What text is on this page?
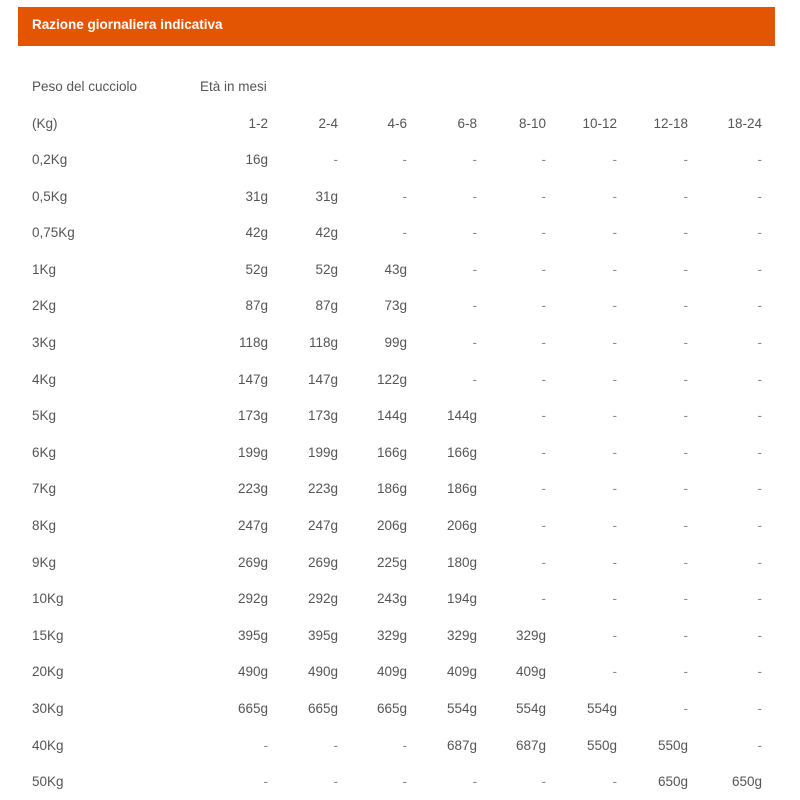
Razione giornaliera indicativa
Peso del cucciolo	Età in mesi
(Kg)	1-2	2-4	4-6	6-8	8-10	10-12	12-18	18-24
0,2Kg	16g	-	-	-	-	-	-	-
0,5Kg	31g	31g	-	-	-	-	-	-
0,75Kg	42g	42g	-	-	-	-	-	-
1Kg	52g	52g	43g	-	-	-	-	-
2Kg	87g	87g	73g	-	-	-	-	-
3Kg	118g	118g	99g	-	-	-	-	-
4Kg	147g	147g	122g	-	-	-	-	-
5Kg	173g	173g	144g	144g	-	-	-	-
6Kg	199g	199g	166g	166g	-	-	-	-
7Kg	223g	223g	186g	186g	-	-	-	-
8Kg	247g	247g	206g	206g	-	-	-	-
9Kg	269g	269g	225g	180g	-	-	-	-
10Kg	292g	292g	243g	194g	-	-	-	-
15Kg	395g	395g	329g	329g	329g	-	-	-
20Kg	490g	490g	409g	409g	409g	-	-	-
30Kg	665g	665g	665g	554g	554g	554g	-	-
40Kg	-	-	-	687g	687g	550g	550g	-
50Kg	-	-	-	-	-	-	650g	650g
